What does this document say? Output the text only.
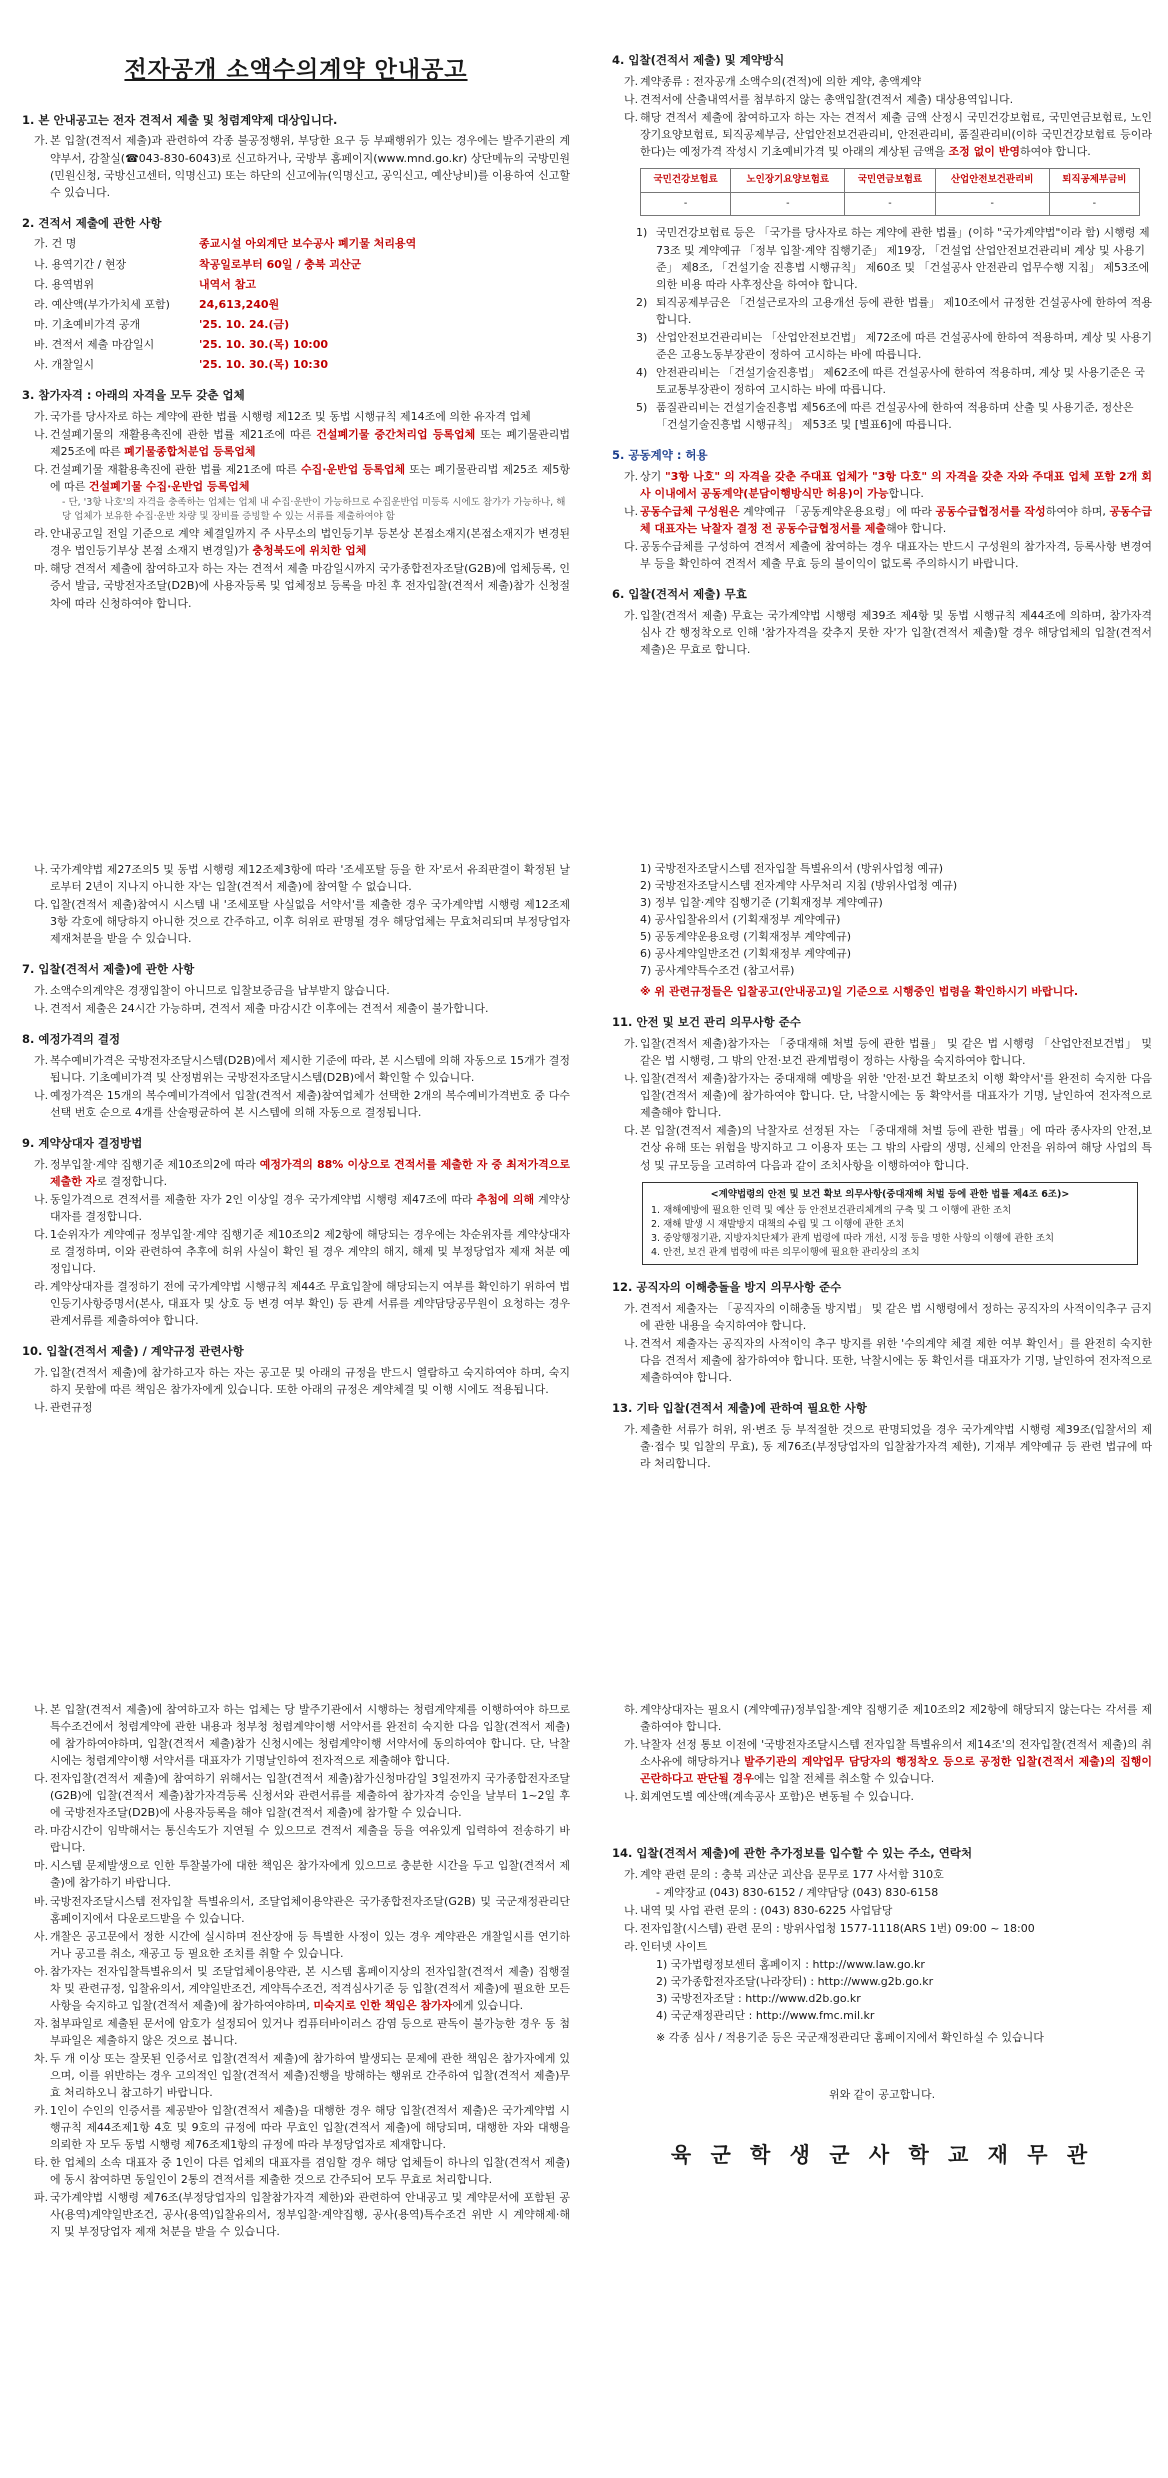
전자공개 소액수의계약 안내공고
1. 본 안내공고는 전자 견적서 제출 및 청렴계약제 대상입니다.
가. 본 입찰(견적서 제출)과 관련하여 각종 불공정행위, 부당한 요구 등 부패행위가 있는 경우에는 발주기관의 계약부서, 감찰실(☎043-830-6043)로 신고하거나, 국방부 홈페이지(www.mnd.go.kr) 상단메뉴의 국방민원(민원신청, 국방신고센터, 익명신고) 또는 하단의 신고에뉴(익명신고, 공익신고, 예산낭비)를 이용하여 신고할 수 있습니다.
2. 견적서 제출에 관한 사항
가. 건 명	종교시설 아외계단 보수공사 폐기물 처리용역
나. 용역기간 / 현장	착공일로부터 60일 / 충북 괴산군
다. 용역범위	내역서 참고
라. 예산액(부가가치세 포함)	24,613,240원
마. 기초예비가격 공개	'25. 10. 24.(금)
바. 견적서 제출 마감일시	'25. 10. 30.(목) 10:00
사. 개찰일시	'25. 10. 30.(목) 10:30
3. 참가자격 : 아래의 자격을 모두 갖춘 업체
가. 국가를 당사자로 하는 계약에 관한 법률 시행령 제12조 및 동법 시행규칙 제14조에 의한 유자격 업체
나. 건설폐기물의 재활용촉진에 관한 법률 제21조에 따른 건설폐기물 중간처리업 등록업체 또는 폐기물관리법 제25조에 따른 폐기물종합처분업 등록업체
다. 건설폐기물 재활용촉진에 관한 법률 제21조에 따른 수집·운반업 등록업체 또는 폐기물관리법 제25조 제5항에 따른 건설폐기물 수집·운반업 등록업체
- 단, '3항 나호'의 자격을 충족하는 업체는 업체 내 수집·운반이 가능하므로 수집운반업 미등록 시에도 참가가 가능하나, 해당 업체가 보유한 수집·운반 차량 및 장비를 증빙할 수 있는 서류를 제출하여야 함
라. 안내공고일 전일 기준으로 계약 체결일까지 주 사무소의 법인등기부 등본상 본점소재지(본점소재지가 변경된 경우 법인등기부상 본점 소재지 변경일)가 충청북도에 위치한 업체
마. 해당 견적서 제출에 참여하고자 하는 자는 견적서 제출 마감일시까지 국가종합전자조달(G2B)에 업체등록, 인증서 발급, 국방전자조달(D2B)에 사용자등록 및 업체정보 등록을 마친 후 전자입찰(견적서 제출)참가 신청절차에 따라 신청하여야 합니다.
4. 입찰(견적서 제출) 및 계약방식
가. 계약종류 : 전자공개 소액수의(견적)에 의한 계약, 총액계약
나. 견적서에 산출내역서를 첨부하지 않는 총액입찰(견적서 제출) 대상용역입니다.
다. 해당 견적서 제출에 참여하고자 하는 자는 견적서 제출 금액 산정시 국민건강보험료, 국민연금보험료, 노인장기요양보험료, 퇴직공제부금, 산업안전보건관리비, 안전관리비, 품질관리비(이하 국민건강보험료 등이라한다)는 예정가격 작성시 기초예비가격 및 아래의 계상된 금액을 조정 없이 반영하여야 합니다.
국민건강보험료	노인장기요양보험료	국민연금보험료	산업안전보건관리비	퇴직공제부금비
-	-	-	-	-
1) 국민건강보험료 등은 「국가를 당사자로 하는 계약에 관한 법률」(이하 "국가계약법"이라 함) 시행령 제73조 및 계약예규 「정부 입찰·계약 집행기준」 제19장, 「건설업 산업안전보건관리비 계상 및 사용기준」 제8조, 「건설기술 진흥법 시행규칙」 제60조 및 「건설공사 안전관리 업무수행 지침」 제53조에 의한 비용 따라 사후정산을 하여야 합니다.
2) 퇴직공제부금은 「건설근로자의 고용개선 등에 관한 법률」 제10조에서 규정한 건설공사에 한하여 적용합니다.
3) 산업안전보건관리비는 「산업안전보건법」 제72조에 따른 건설공사에 한하여 적용하며, 계상 및 사용기준은 고용노동부장관이 정하여 고시하는 바에 따릅니다.
4) 안전관리비는 「건설기술진흥법」 제62조에 따른 건설공사에 한하여 적용하며, 계상 및 사용기준은 국토교통부장관이 정하여 고시하는 바에 따릅니다.
5) 품질관리비는 건설기술진흥법 제56조에 따른 건설공사에 한하여 적용하며 산출 및 사용기준, 정산은 「건설기술진흥법 시행규칙」 제53조 및 [별표6]에 따릅니다.
5. 공동계약 : 허용
가. 상기 "3항 나호" 의 자격을 갖춘 주대표 업체가 "3항 다호" 의 자격을 갖춘 자와 주대표 업체 포함 2개 회사 이내에서 공동계약(분담이행방식만 허용)이 가능합니다.
나. 공동수급체 구성원은 계약예규 「공동계약운용요령」에 따라 공동수급협정서를 작성하여야 하며, 공동수급체 대표자는 낙찰자 결정 전 공동수급협정서를 제출해야 합니다.
다. 공동수급체를 구성하여 견적서 제출에 참여하는 경우 대표자는 반드시 구성원의 참가자격, 등록사항 변경여부 등을 확인하여 견적서 제출 무효 등의 불이익이 없도록 주의하시기 바랍니다.
6. 입찰(견적서 제출) 무효
가. 입찰(견적서 제출) 무효는 국가계약법 시행령 제39조 제4항 및 동법 시행규칙 제44조에 의하며, 참가자격 심사 간 행정착오로 인해 '참가자격을 갖추지 못한 자'가 입찰(견적서 제출)할 경우 해당업체의 입찰(견적서 제출)은 무효로 합니다.
나. 국가계약법 제27조의5 및 동법 시행령 제12조제3항에 따라 '조세포탈 등을 한 자'로서 유죄판결이 확정된 날로부터 2년이 지나지 아니한 자'는 입찰(견적서 제출)에 참여할 수 없습니다.
다. 입찰(견적서 제출)참여시 시스템 내 '조세포탈 사실없음 서약서'를 제출한 경우 국가계약법 시행령 제12조제3항 각호에 해당하지 아니한 것으로 간주하고, 이후 허위로 판명될 경우 해당업체는 무효처리되며 부정당업자 제재처분을 받을 수 있습니다.
7. 입찰(견적서 제출)에 관한 사항
가. 소액수의계약은 경쟁입찰이 아니므로 입찰보증금을 납부받지 않습니다.
나. 견적서 제출은 24시간 가능하며, 견적서 제출 마감시간 이후에는 견적서 제출이 불가합니다.
8. 예정가격의 결정
가. 복수예비가격은 국방전자조달시스템(D2B)에서 제시한 기준에 따라, 본 시스템에 의해 자동으로 15개가 결정됩니다. 기초예비가격 및 산정범위는 국방전자조달시스템(D2B)에서 확인할 수 있습니다.
나. 예정가격은 15개의 복수예비가격에서 입찰(견적서 제출)참여업체가 선택한 2개의 복수예비가격번호 중 다수선택 번호 순으로 4개를 산술평균하여 본 시스템에 의해 자동으로 결정됩니다.
9. 계약상대자 결정방법
가. 정부입찰·계약 집행기준 제10조의2에 따라 예정가격의 88% 이상으로 견적서를 제출한 자 중 최저가격으로 제출한 자로 결정합니다.
나. 동일가격으로 견적서를 제출한 자가 2인 이상일 경우 국가계약법 시행령 제47조에 따라 추첨에 의해 계약상대자를 결정합니다.
다. 1순위자가 계약예규 정부입찰·계약 집행기준 제10조의2 제2항에 해당되는 경우에는 차순위자를 계약상대자로 결정하며, 이와 관련하여 추후에 허위 사실이 확인 될 경우 계약의 해지, 해제 및 부정당업자 제재 처분 예정입니다.
라. 계약상대자를 결정하기 전에 국가계약법 시행규칙 제44조 무효입찰에 해당되는지 여부를 확인하기 위하여 법인등기사항증명서(본사, 대표자 및 상호 등 변경 여부 확인) 등 관계 서류를 계약담당공무원이 요청하는 경우 관계서류를 제출하여야 합니다.
10. 입찰(견적서 제출) / 계약규정 관련사항
가. 입찰(견적서 제출)에 참가하고자 하는 자는 공고문 및 아래의 규정을 반드시 열람하고 숙지하여야 하며, 숙지하지 못함에 따른 책임은 참가자에게 있습니다. 또한 아래의 규정은 계약체결 및 이행 시에도 적용됩니다.
나. 관련규정
1) 국방전자조달시스템 전자입찰 특별유의서 (방위사업청 예규)
2) 국방전자조달시스템 전자계약 사무처리 지침 (방위사업청 예규)
3) 정부 입찰·계약 집행기준 (기획재정부 계약예규)
4) 공사입찰유의서 (기획재정부 계약예규)
5) 공동계약운용요령 (기획재정부 계약예규)
6) 공사계약일반조건 (기획재정부 계약예규)
7) 공사계약특수조건 (참고서류)
※ 위 관련규정들은 입찰공고(안내공고)일 기준으로 시행중인 법령을 확인하시기 바랍니다.
11. 안전 및 보건 관리 의무사항 준수
가. 입찰(견적서 제출)참가자는 「중대재해 처벌 등에 관한 법률」 및 같은 법 시행령 「산업안전보건법」 및 같은 법 시행령, 그 밖의 안전·보건 관계법령이 정하는 사항을 숙지하여야 합니다.
나. 입찰(견적서 제출)참가자는 중대재해 예방을 위한 '안전·보건 확보조치 이행 확약서'를 완전히 숙지한 다음 입찰(견적서 제출)에 참가하여야 합니다. 단, 낙찰시에는 동 확약서를 대표자가 기명, 날인하여 전자적으로 제출해야 합니다.
다. 본 입찰(견적서 제출)의 낙찰자로 선정된 자는 「중대재해 처벌 등에 관한 법률」에 따라 종사자의 안전,보건상 유해 또는 위험을 방지하고 그 이용자 또는 그 밖의 사람의 생명, 신체의 안전을 위하여 해당 사업의 특성 및 규모등을 고려하여 다음과 같이 조치사항을 이행하여야 합니다.
<계약법령의 안전 및 보건 확보 의무사항(중대재해 처벌 등에 관한 법률 제4조 6조)>
1. 재해예방에 필요한 인력 및 예산 등 안전보건관리체계의 구축 및 그 이행에 관한 조치
2. 재해 발생 시 재발방지 대책의 수립 및 그 이행에 관한 조치
3. 중앙행정기관, 지방자치단체가 관계 법령에 따라 개선, 시정 등을 명한 사항의 이행에 관한 조치
4. 안전, 보건 관계 법령에 따른 의무이행에 필요한 관리상의 조치
12. 공직자의 이해충돌을 방지 의무사항 준수
가. 견적서 제출자는 「공직자의 이해충돌 방지법」 및 같은 법 시행령에서 정하는 공직자의 사적이익추구 금지에 관한 내용을 숙지하여야 합니다.
나. 견적서 제출자는 공직자의 사적이익 추구 방지를 위한 '수의계약 체결 제한 여부 확인서」를 완전히 숙지한 다음 견적서 제출에 참가하여야 합니다. 또한, 낙찰시에는 동 확인서를 대표자가 기명, 날인하여 전자적으로 제출하여야 합니다.
13. 기타 입찰(견적서 제출)에 관하여 필요한 사항
가. 제출한 서류가 허위, 위·변조 등 부적절한 것으로 판명되었을 경우 국가계약법 시행령 제39조(입찰서의 제출·접수 및 입찰의 무효), 동 제76조(부정당업자의 입찰참가자격 제한), 기재부 계약예규 등 관련 법규에 따라 처리합니다.
나. 본 입찰(견적서 제출)에 참여하고자 하는 업체는 당 발주기관에서 시행하는 청렴계약제를 이행하여야 하므로 특수조건에서 청렴계약에 관한 내용과 청부청 청렴계약이행 서약서를 완전히 숙지한 다음 입찰(견적서 제출)에 참가하여야하며, 입찰(견적서 제출)참가 신청시에는 청렴계약이행 서약서에 동의하여야 합니다. 단, 낙찰시에는 청렴계약이행 서약서를 대표자가 기명날인하여 전자적으로 제출해야 합니다.
다. 전자입찰(견적서 제출)에 참여하기 위해서는 입찰(견적서 제출)참가신청마감일 3일전까지 국가종합전자조달(G2B)에 입찰(견적서 제출)참가자격등록 신청서와 관련서류를 제출하여 참가자격 승인을 날부터 1~2일 후에 국방전자조달(D2B)에 사용자등록을 해야 입찰(견적서 제출)에 참가할 수 있습니다.
라. 마감시간이 임박해서는 통신속도가 지연될 수 있으므로 견적서 제출을 등을 여유있게 입력하여 전송하기 바랍니다.
마. 시스템 문제발생으로 인한 투찰불가에 대한 책임은 참가자에게 있으므로 충분한 시간을 두고 입찰(견적서 제출)에 참가하기 바랍니다.
바. 국방전자조달시스템 전자입찰 특별유의서, 조달업체이용약관은 국가종합전자조달(G2B) 및 국군재정관리단 홈페이지에서 다운로드받을 수 있습니다.
사. 개찰은 공고문에서 정한 시간에 실시하며 전산장애 등 특별한 사정이 있는 경우 계약관은 개찰일시를 연기하거나 공고를 취소, 재공고 등 필요한 조치를 취할 수 있습니다.
아. 참가자는 전자입찰특별유의서 및 조달업체이용약관, 본 시스템 홈페이지상의 전자입찰(견적서 제출) 집행절차 및 관련규정, 입찰유의서, 계약일반조건, 계약특수조건, 적격심사기준 등 입찰(견적서 제출)에 필요한 모든 사항을 숙지하고 입찰(견적서 제출)에 참가하여야하며, 미숙지로 인한 책임은 참가자에게 있습니다.
자. 첨부파일로 제출된 문서에 암호가 설정되어 있거나 컴퓨터바이러스 감염 등으로 판독이 불가능한 경우 동 첨부파일은 제출하지 않은 것으로 봅니다.
차. 두 개 이상 또는 잘못된 인증서로 입찰(견적서 제출)에 참가하여 발생되는 문제에 관한 책임은 참가자에게 있으며, 이를 위반하는 경우 고의적인 입찰(견적서 제출)진행을 방해하는 행위로 간주하여 입찰(견적서 제출)무효 처리하오니 참고하기 바랍니다.
카. 1인이 수인의 인증서를 제공받아 입찰(견적서 제출)을 대행한 경우 해당 입찰(견적서 제출)은 국가계약법 시행규칙 제44조제1항 4호 및 9호의 규정에 따라 무효인 입찰(견적서 제출)에 해당되며, 대행한 자와 대행을 의뢰한 자 모두 동법 시행령 제76조제1항의 규정에 따라 부정당업자로 제재합니다.
타. 한 업체의 소속 대표자 중 1인이 다른 업체의 대표자를 겸임할 경우 해당 업체들이 하나의 입찰(견적서 제출)에 동시 참여하면 동일인이 2통의 견적서를 제출한 것으로 간주되어 모두 무효로 처리합니다.
파. 국가계약법 시행령 제76조(부정당업자의 입찰참가자격 제한)와 관련하여 안내공고 및 계약문서에 포함된 공사(용역)계약일반조건, 공사(용역)입찰유의서, 정부입찰·계약집행, 공사(용역)특수조건 위반 시 계약해제·해지 및 부정당업자 제재 처분을 받을 수 있습니다.
하. 계약상대자는 필요시 (계약예규)정부입찰·계약 집행기준 제10조의2 제2항에 해당되지 않는다는 각서를 제출하여야 합니다.
가. 낙찰자 선정 통보 이전에 '국방전자조달시스템 전자입찰 특별유의서 제14조'의 전자입찰(견적서 제출)의 취소사유에 해당하거나 발주기관의 계약업무 담당자의 행정착오 등으로 공정한 입찰(견적서 제출)의 집행이 곤란하다고 판단될 경우에는 입찰 전체를 취소할 수 있습니다.
나. 회계연도별 예산액(계속공사 포함)은 변동될 수 있습니다.
14. 입찰(견적서 제출)에 관한 추가정보를 입수할 수 있는 주소, 연락처
가. 계약 관련 문의 : 충북 괴산군 괴산읍 문무로 177 사서함 310호
- 계약장교 (043) 830-6152 / 계약담당 (043) 830-6158
나. 내역 및 사업 관련 문의 : (043) 830-6225 사업담당
다. 전자입찰(시스템) 관련 문의 : 방위사업청 1577-1118(ARS 1번) 09:00 ~ 18:00
라. 인터넷 사이트
1) 국가법령정보센터 홈페이지 : http://www.law.go.kr
2) 국가종합전자조달(나라장터) : http://www.g2b.go.kr
3) 국방전자조달 : http://www.d2b.go.kr
4) 국군재정관리단 : http://www.fmc.mil.kr
※ 각종 심사 / 적용기준 등은 국군재정관리단 홈페이지에서 확인하실 수 있습니다
위와 같이 공고합니다.
육 군 학 생 군 사 학 교 재 무 관
